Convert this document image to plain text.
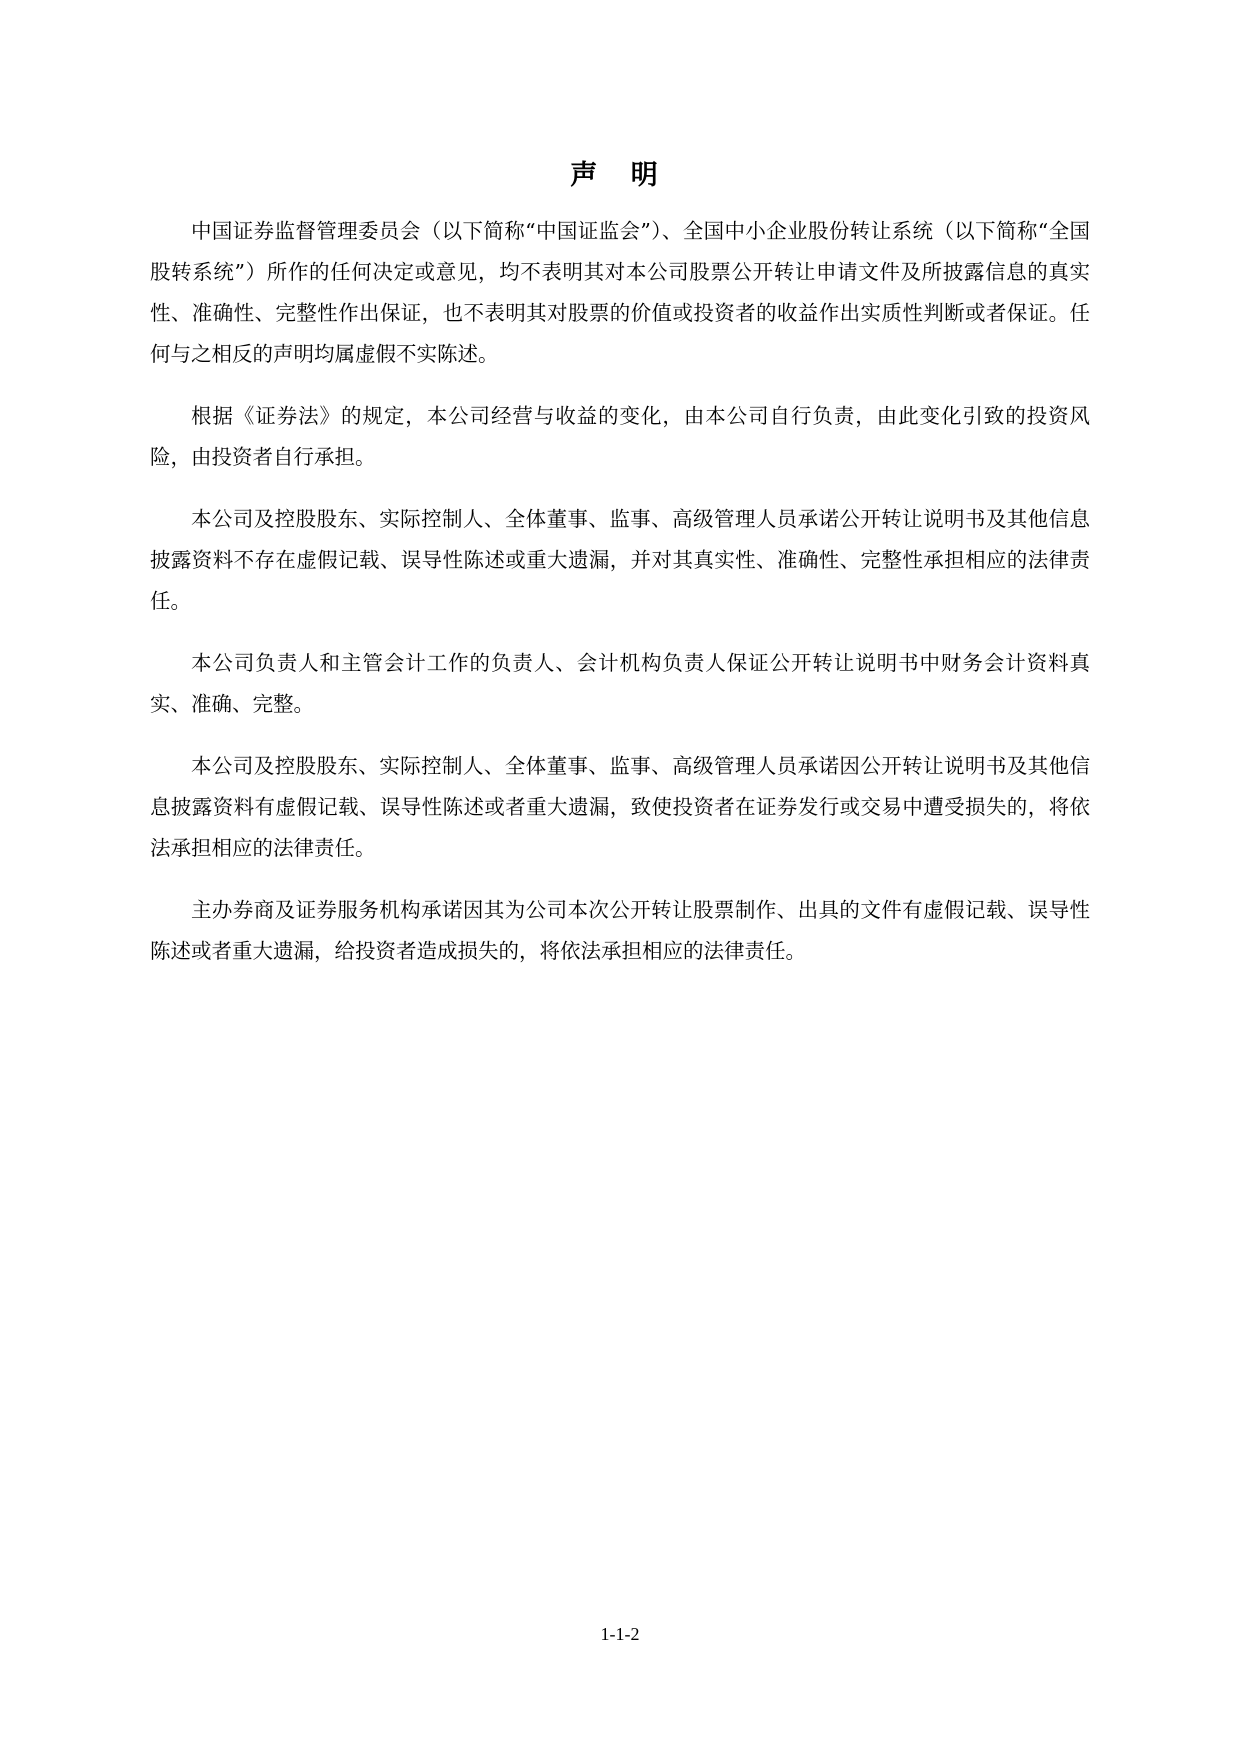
声 明

中国证券监督管理委员会（以下简称“中国证监会”）、全国中小企业股份转让系统（以下简称“全国股转系统”）所作的任何决定或意见，均不表明其对本公司股票公开转让申请文件及所披露信息的真实性、准确性、完整性作出保证，也不表明其对股票的价值或投资者的收益作出实质性判断或者保证。任何与之相反的声明均属虚假不实陈述。

根据《证券法》的规定，本公司经营与收益的变化，由本公司自行负责，由此变化引致的投资风险，由投资者自行承担。

本公司及控股股东、实际控制人、全体董事、监事、高级管理人员承诺公开转让说明书及其他信息披露资料不存在虚假记载、误导性陈述或重大遗漏，并对其真实性、准确性、完整性承担相应的法律责任。

本公司负责人和主管会计工作的负责人、会计机构负责人保证公开转让说明书中财务会计资料真实、准确、完整。

本公司及控股股东、实际控制人、全体董事、监事、高级管理人员承诺因公开转让说明书及其他信息披露资料有虚假记载、误导性陈述或者重大遗漏，致使投资者在证券发行或交易中遭受损失的，将依法承担相应的法律责任。

主办券商及证券服务机构承诺因其为公司本次公开转让股票制作、出具的文件有虚假记载、误导性陈述或者重大遗漏，给投资者造成损失的，将依法承担相应的法律责任。

1-1-2
